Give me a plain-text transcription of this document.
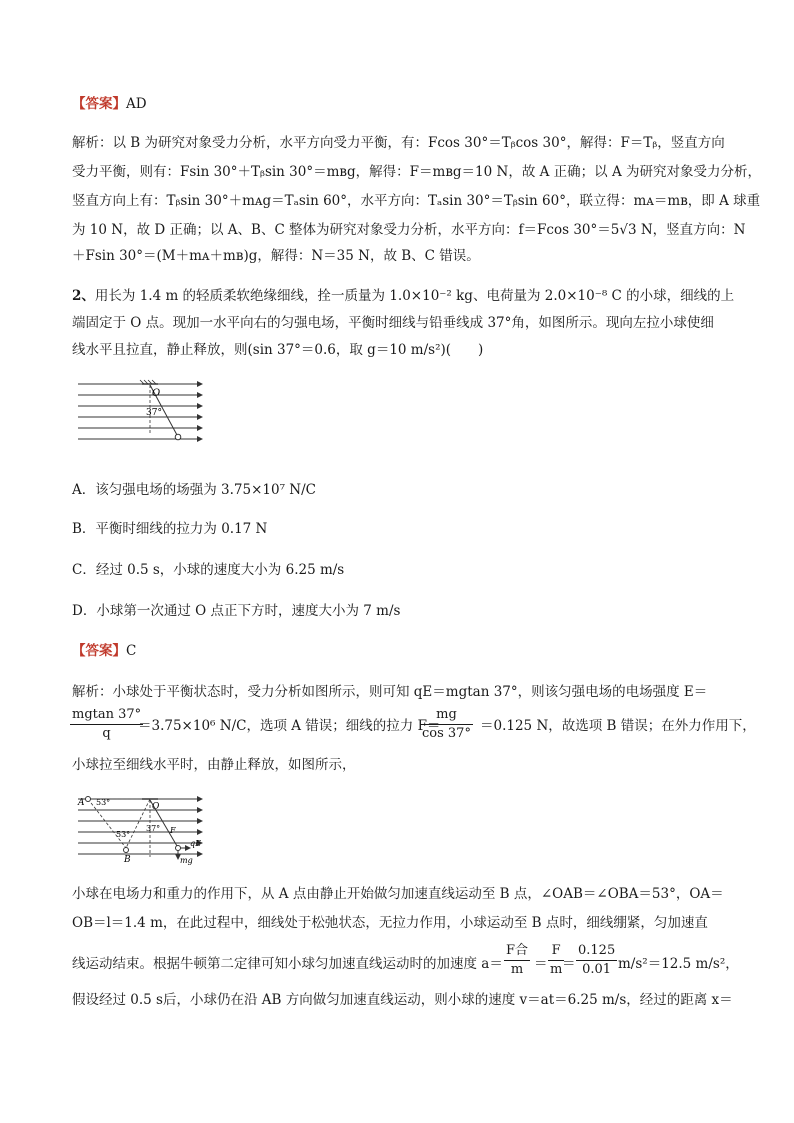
【答案】AD
解析：以 B 为研究对象受力分析，水平方向受力平衡，有：Fcos 30°＝Tᵦcos 30°，解得：F＝Tᵦ，竖直方向
受力平衡，则有：Fsin 30°＋Tᵦsin 30°＝mʙg，解得：F＝mʙg＝10 N，故 A 正确；以 A 为研究对象受力分析，
竖直方向上有：Tᵦsin 30°＋mᴀg＝Tₐsin 60°，水平方向：Tₐsin 30°＝Tᵦsin 60°，联立得：mᴀ＝mʙ，即 A 球重
为 10 N，故 D 正确；以 A、B、C 整体为研究对象受力分析，水平方向：f＝Fcos 30°＝5√3 N，竖直方向：N
＋Fsin 30°＝(M＋mᴀ＋mʙ)g，解得：N＝35 N，故 B、C 错误。
2、用长为 1.4 m 的轻质柔软绝缘细线，拴一质量为 1.0×10⁻² kg、电荷量为 2.0×10⁻⁸ C 的小球，细线的上
端固定于 O 点。现加一水平向右的匀强电场，平衡时细线与铅垂线成 37°角，如图所示。现向左拉小球使细
线水平且拉直，静止释放，则(sin 37°＝0.6，取 g＝10 m/s²)(　　)
O
37°
A．该匀强电场的场强为 3.75×10⁷ N/C
B．平衡时细线的拉力为 0.17 N
C．经过 0.5 s，小球的速度大小为 6.25 m/s
D．小球第一次通过 O 点正下方时，速度大小为 7 m/s
【答案】C
解析：小球处于平衡状态时，受力分析如图所示，则可知 qE＝mgtan 37°，则该匀强电场的电场强度 E＝
$\frac{mgtan 37^\circ}{q}$
＝3.75×10⁶ N/C，选项 A 错误；细线的拉力 F＝
$\frac{mg}{\cos 37^\circ} =0.125$ N，故选项 B 错误；在外力作用下，
小球拉至细线水平时，由静止释放，如图所示，
A 53°	O
53°
37° F
qE
B	mg
小球在电场力和重力的作用下，从 A 点由静止开始做匀加速直线运动至 B 点，∠OAB＝∠OBA＝53°，OA＝
OB＝l＝1.4 m，在此过程中，细线处于松弛状态，无拉力作用，小球运动至 B 点时，细线绷紧，匀加速直
线运动结束。根据牛顿第二定律可知小球匀加速直线运动时的加速度 a＝
F合
$m = \frac{F}{m}$
＝ $\frac{0.125}{0.01} m/s^2=12.5$ m/s²，
假设经过 0.5 s后，小球仍在沿 AB 方向做匀加速直线运动，则小球的速度 v＝at＝6.25 m/s，经过的距离 x＝
